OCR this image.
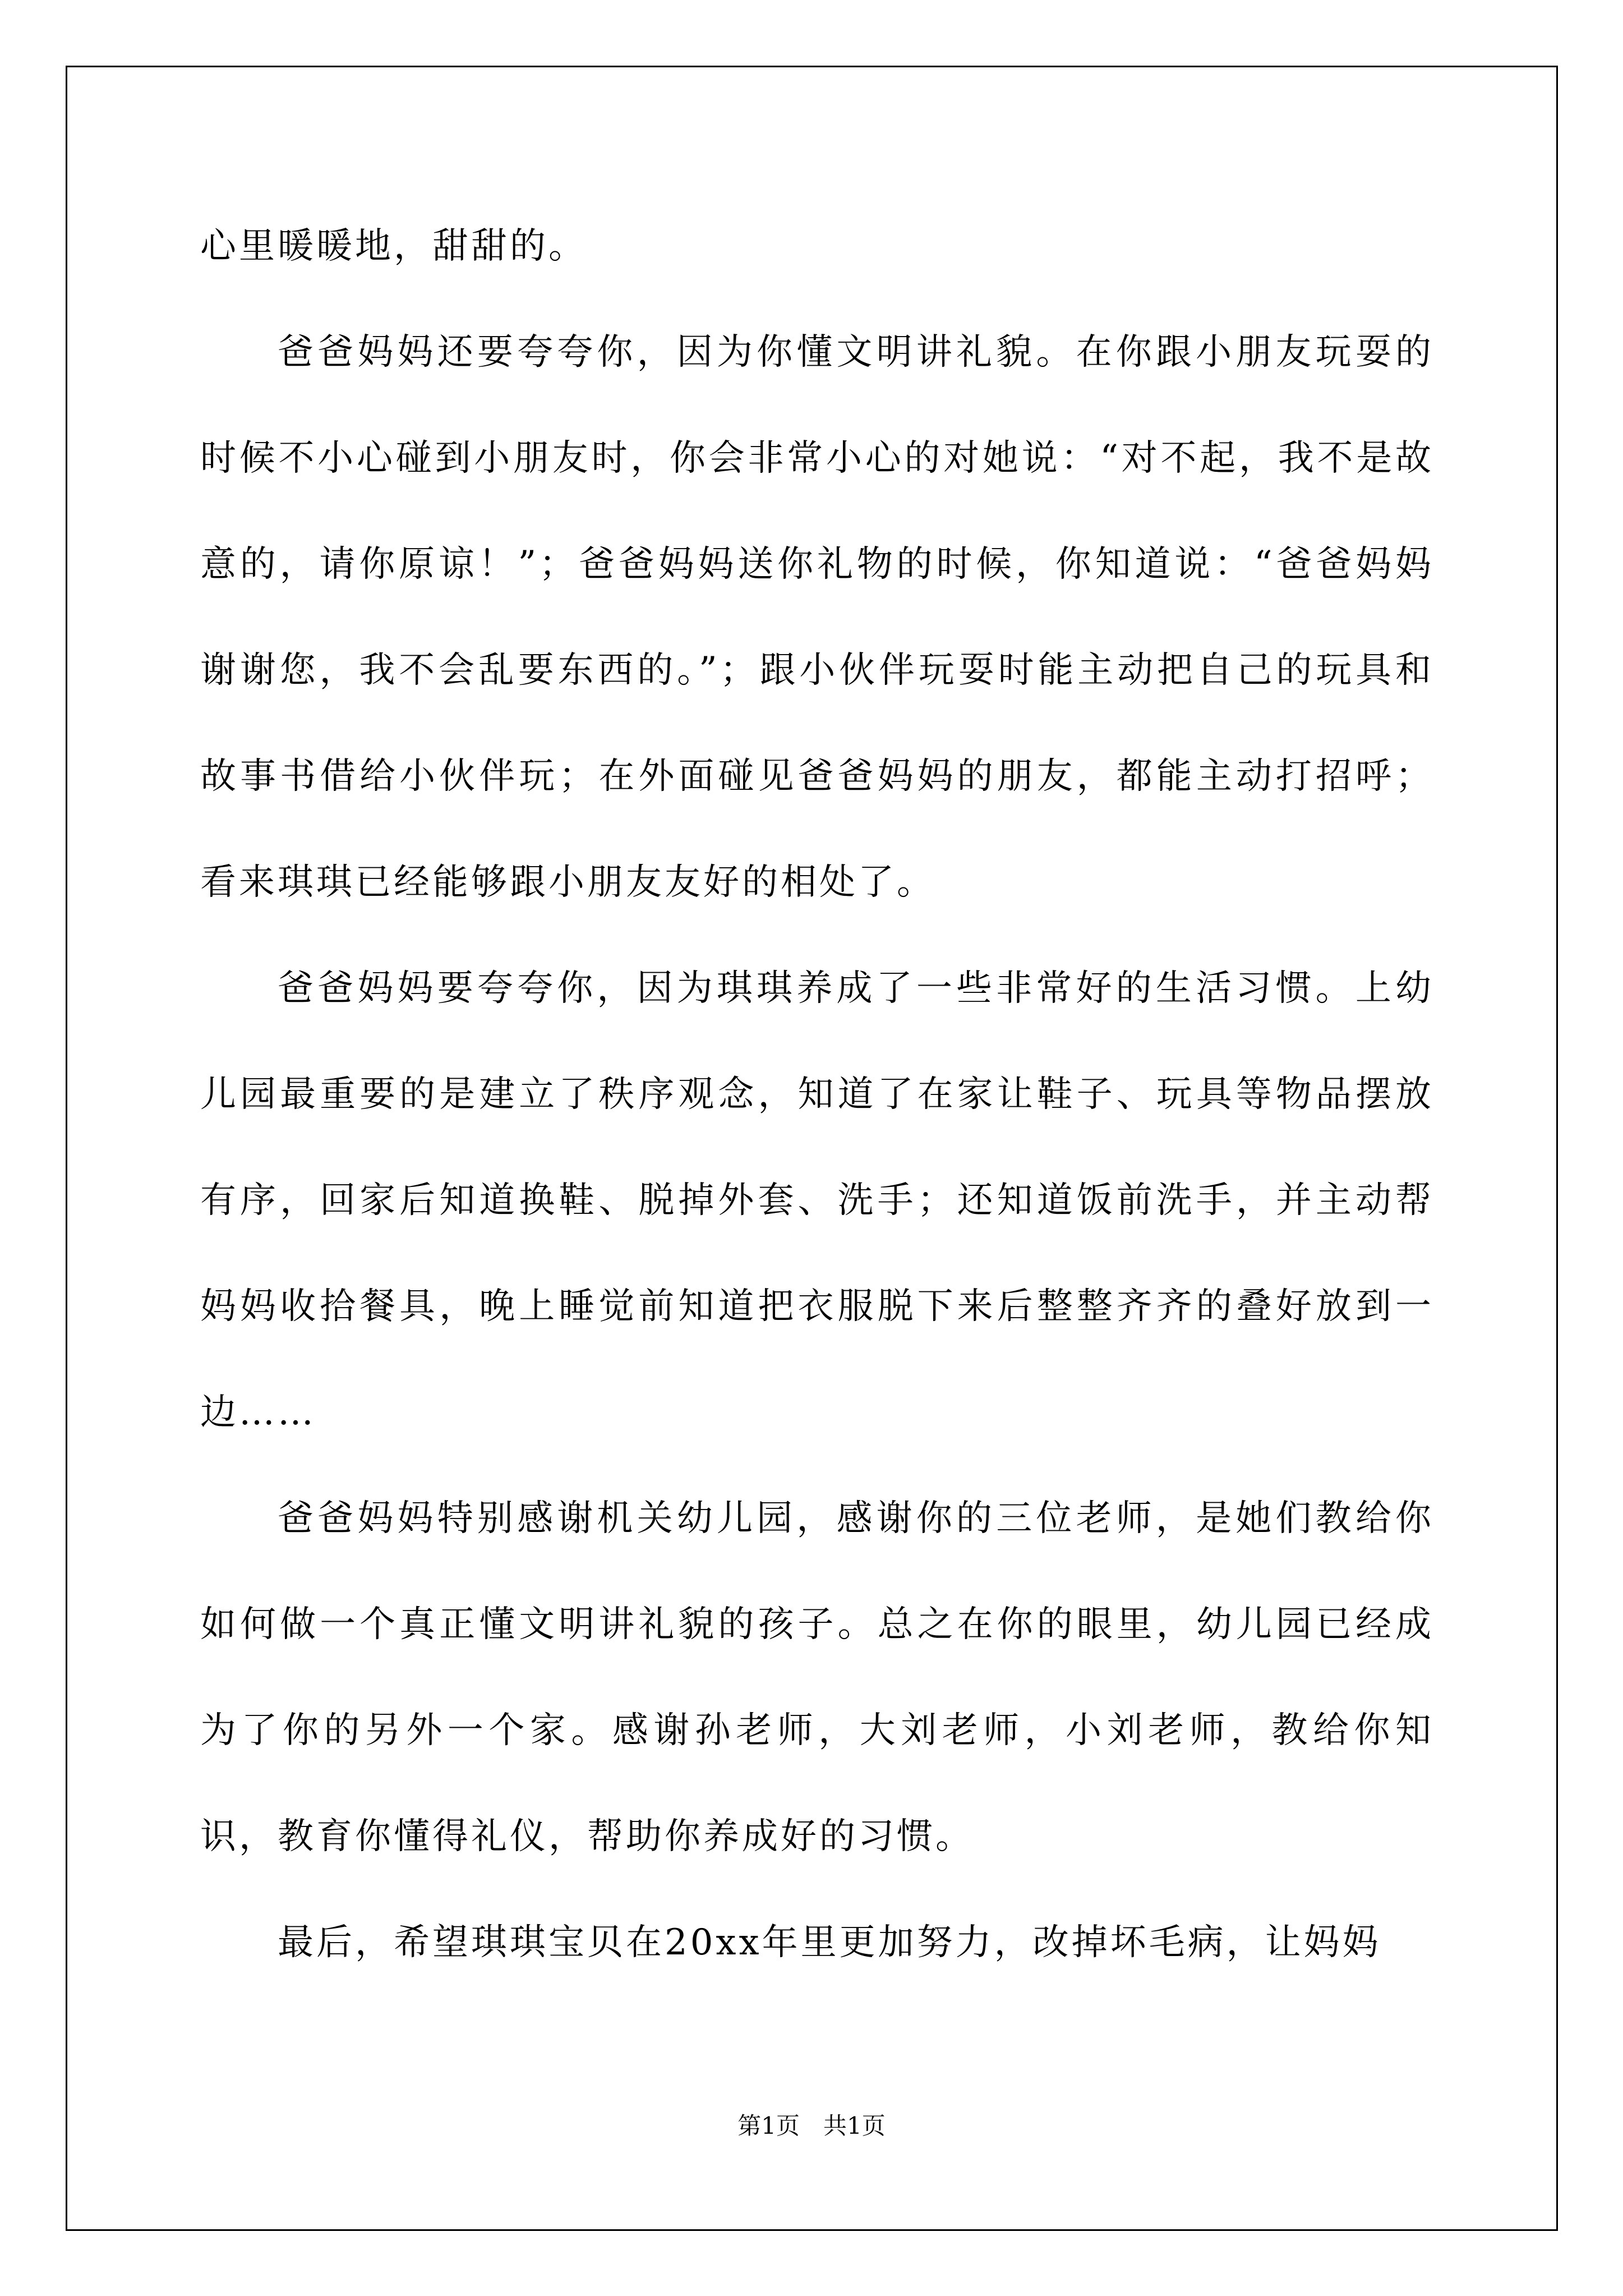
心里暖暖地，甜甜的。

爸爸妈妈还要夸夸你，因为你懂文明讲礼貌。在你跟小朋友玩耍的时候不小心碰到小朋友时，你会非常小心的对她说：“对不起，我不是故意的，请你原谅！”；爸爸妈妈送你礼物的时候，你知道说：“爸爸妈妈谢谢您，我不会乱要东西的。”；跟小伙伴玩耍时能主动把自己的玩具和故事书借给小伙伴玩；在外面碰见爸爸妈妈的朋友，都能主动打招呼；看来琪琪已经能够跟小朋友友好的相处了。

爸爸妈妈要夸夸你，因为琪琪养成了一些非常好的生活习惯。上幼儿园最重要的是建立了秩序观念，知道了在家让鞋子、玩具等物品摆放有序，回家后知道换鞋、脱掉外套、洗手；还知道饭前洗手，并主动帮妈妈收拾餐具，晚上睡觉前知道把衣服脱下来后整整齐齐的叠好放到一边……

爸爸妈妈特别感谢机关幼儿园，感谢你的三位老师，是她们教给你如何做一个真正懂文明讲礼貌的孩子。总之在你的眼里，幼儿园已经成为了你的另外一个家。感谢孙老师，大刘老师，小刘老师，教给你知识，教育你懂得礼仪，帮助你养成好的习惯。

最后，希望琪琪宝贝在20xx年里更加努力，改掉坏毛病，让妈妈

第1页　共1页
